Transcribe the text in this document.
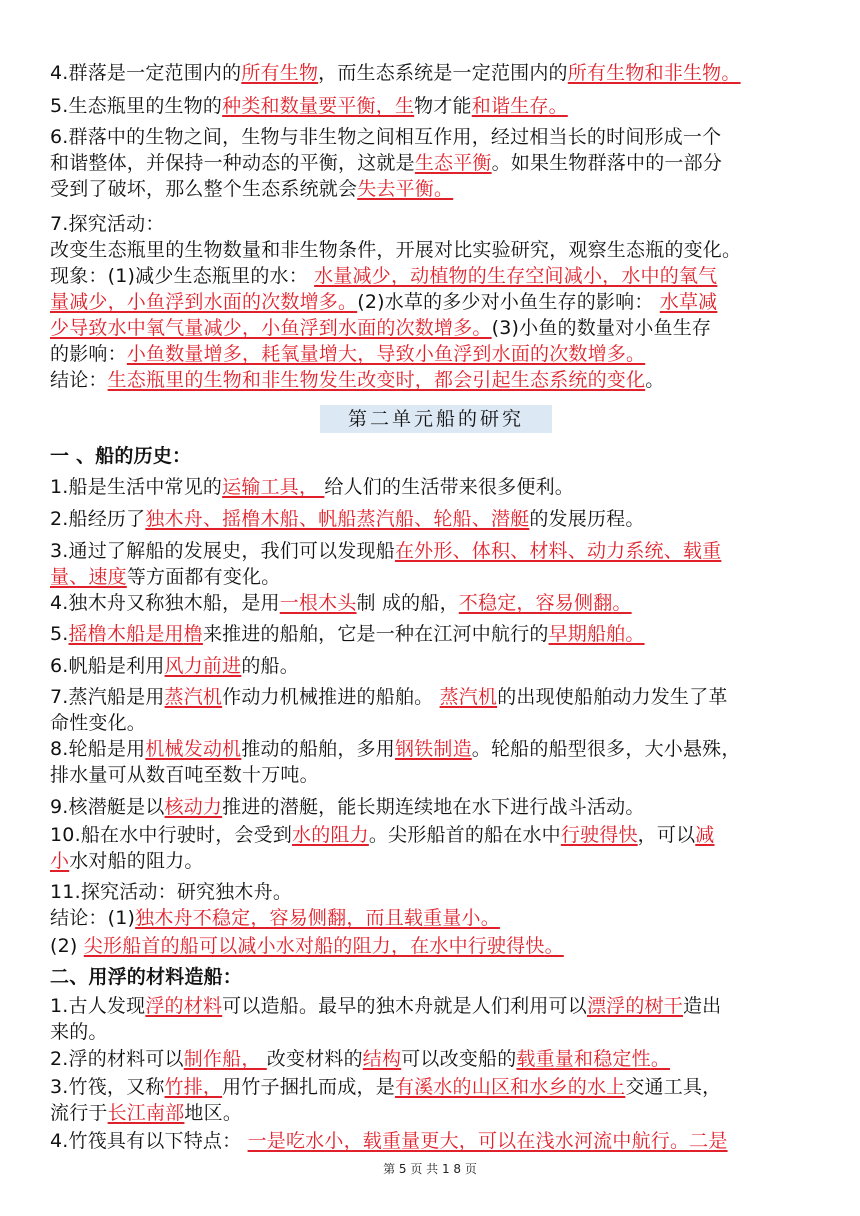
第二单元船的研究
第 5 页 共 1 8 页
4.群落是一定范围内的所有生物，而生态系统是一定范围内的所有生物和非生物。
5.生态瓶里的生物的种类和数量要平衡，生物才能和谐生存。
6.群落中的生物之间，生物与非生物之间相互作用，经过相当长的时间形成一个
和谐整体，并保持一种动态的平衡，这就是生态平衡。如果生物群落中的一部分
受到了破坏，那么整个生态系统就会失去平衡。
7.探究活动：
改变生态瓶里的生物数量和非生物条件，开展对比实验研究，观察生态瓶的变化。
现象：(1)减少生态瓶里的水： 水量减少，动植物的生存空间减小，水中的氧气
量减少，小鱼浮到水面的次数增多。(2)水草的多少对小鱼生存的影响： 水草减
少导致水中氧气量减少，小鱼浮到水面的次数增多。(3)小鱼的数量对小鱼生存
的影响：小鱼数量增多，耗氧量增大，导致小鱼浮到水面的次数增多。
结论：生态瓶里的生物和非生物发生改变时，都会引起生态系统的变化。
一 、船的历史：
1.船是生活中常见的运输工具， 给人们的生活带来很多便利。
2.船经历了独木舟、摇橹木船、帆船蒸汽船、轮船、潜艇的发展历程。
3.通过了解船的发展史，我们可以发现船在外形、体积、材料、动力系统、载重
量、速度等方面都有变化。
4.独木舟又称独木船，是用一根木头制 成的船，不稳定，容易侧翻。
5.摇橹木船是用橹来推进的船舶，它是一种在江河中航行的早期船舶。
6.帆船是利用风力前进的船。
7.蒸汽船是用蒸汽机作动力机械推进的船舶。 蒸汽机的出现使船舶动力发生了革
命性变化。
8.轮船是用机械发动机推动的船舶，多用钢铁制造。轮船的船型很多，大小悬殊，
排水量可从数百吨至数十万吨。
9.核潜艇是以核动力推进的潜艇，能长期连续地在水下进行战斗活动。
10.船在水中行驶时，会受到水的阻力。尖形船首的船在水中行驶得快，可以减
小水对船的阻力。
11.探究活动：研究独木舟。
结论：(1)独木舟不稳定，容易侧翻，而且载重量小。
(2) 尖形船首的船可以减小水对船的阻力，在水中行驶得快。
二、用浮的材料造船：
1.古人发现浮的材料可以造船。最早的独木舟就是人们利用可以漂浮的树干造出
来的。
2.浮的材料可以制作船， 改变材料的结构可以改变船的载重量和稳定性。
3.竹筏，又称竹排，用竹子捆扎而成，是有溪水的山区和水乡的水上交通工具，
流行于长江南部地区。
4.竹筏具有以下特点： 一是吃水小，载重量更大，可以在浅水河流中航行。二是
